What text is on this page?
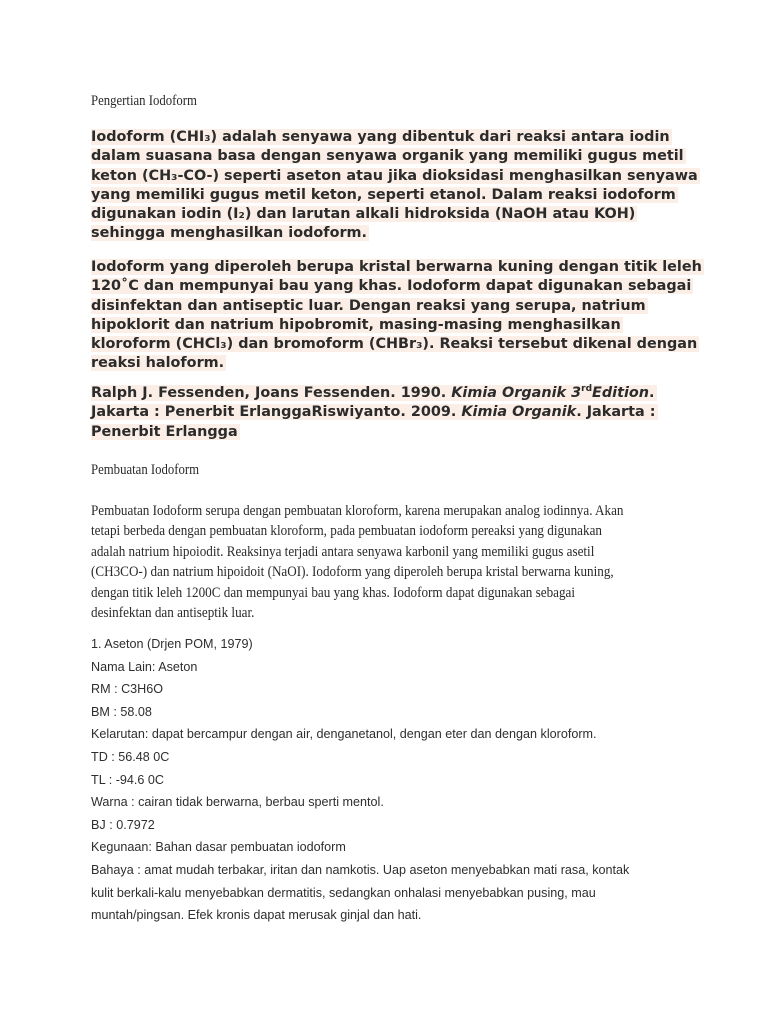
Pengertian Iodoform
Iodoform (CHI₃) adalah senyawa yang dibentuk dari reaksi antara iodin
dalam suasana basa dengan senyawa organik yang memiliki gugus metil
keton (CH₃-CO-) seperti aseton atau jika dioksidasi menghasilkan senyawa
yang memiliki gugus metil keton, seperti etanol. Dalam reaksi iodoform
digunakan iodin (I₂) dan larutan alkali hidroksida (NaOH atau KOH)
sehingga menghasilkan iodoform.
Iodoform yang diperoleh berupa kristal berwarna kuning dengan titik leleh
120˚C dan mempunyai bau yang khas. Iodoform dapat digunakan sebagai
disinfektan dan antiseptic luar. Dengan reaksi yang serupa, natrium
hipoklorit dan natrium hipobromit, masing-masing menghasilkan
kloroform (CHCl₃) dan bromoform (CHBr₃). Reaksi tersebut dikenal dengan
reaksi haloform.
Ralph J. Fessenden, Joans Fessenden. 1990. Kimia Organik 3rdEdition.
Jakarta : Penerbit ErlanggaRiswiyanto. 2009. Kimia Organik. Jakarta :
Penerbit Erlangga
Pembuatan Iodoform
Pembuatan Iodoform serupa dengan pembuatan kloroform, karena merupakan analog iodinnya. Akan
tetapi berbeda dengan pembuatan kloroform, pada pembuatan iodoform pereaksi yang digunakan
adalah natrium hipoiodit. Reaksinya terjadi antara senyawa karbonil yang memiliki gugus asetil
(CH3CO-) dan natrium hipoidoit (NaOI). Iodoform yang diperoleh berupa kristal berwarna kuning,
dengan titik leleh 1200C dan mempunyai bau yang khas. Iodoform dapat digunakan sebagai
desinfektan dan antiseptik luar.
1. Aseton (Drjen POM, 1979)
Nama Lain: Aseton
RM : C3H6O
BM : 58.08
Kelarutan: dapat bercampur dengan air, denganetanol, dengan eter dan dengan kloroform.
TD : 56.48 0C
TL : -94.6 0C
Warna : cairan tidak berwarna, berbau sperti mentol.
BJ : 0.7972
Kegunaan: Bahan dasar pembuatan iodoform
Bahaya : amat mudah terbakar, iritan dan namkotis. Uap aseton menyebabkan mati rasa, kontak
kulit berkali-kalu menyebabkan dermatitis, sedangkan onhalasi menyebabkan pusing, mau
muntah/pingsan. Efek kronis dapat merusak ginjal dan hati.
